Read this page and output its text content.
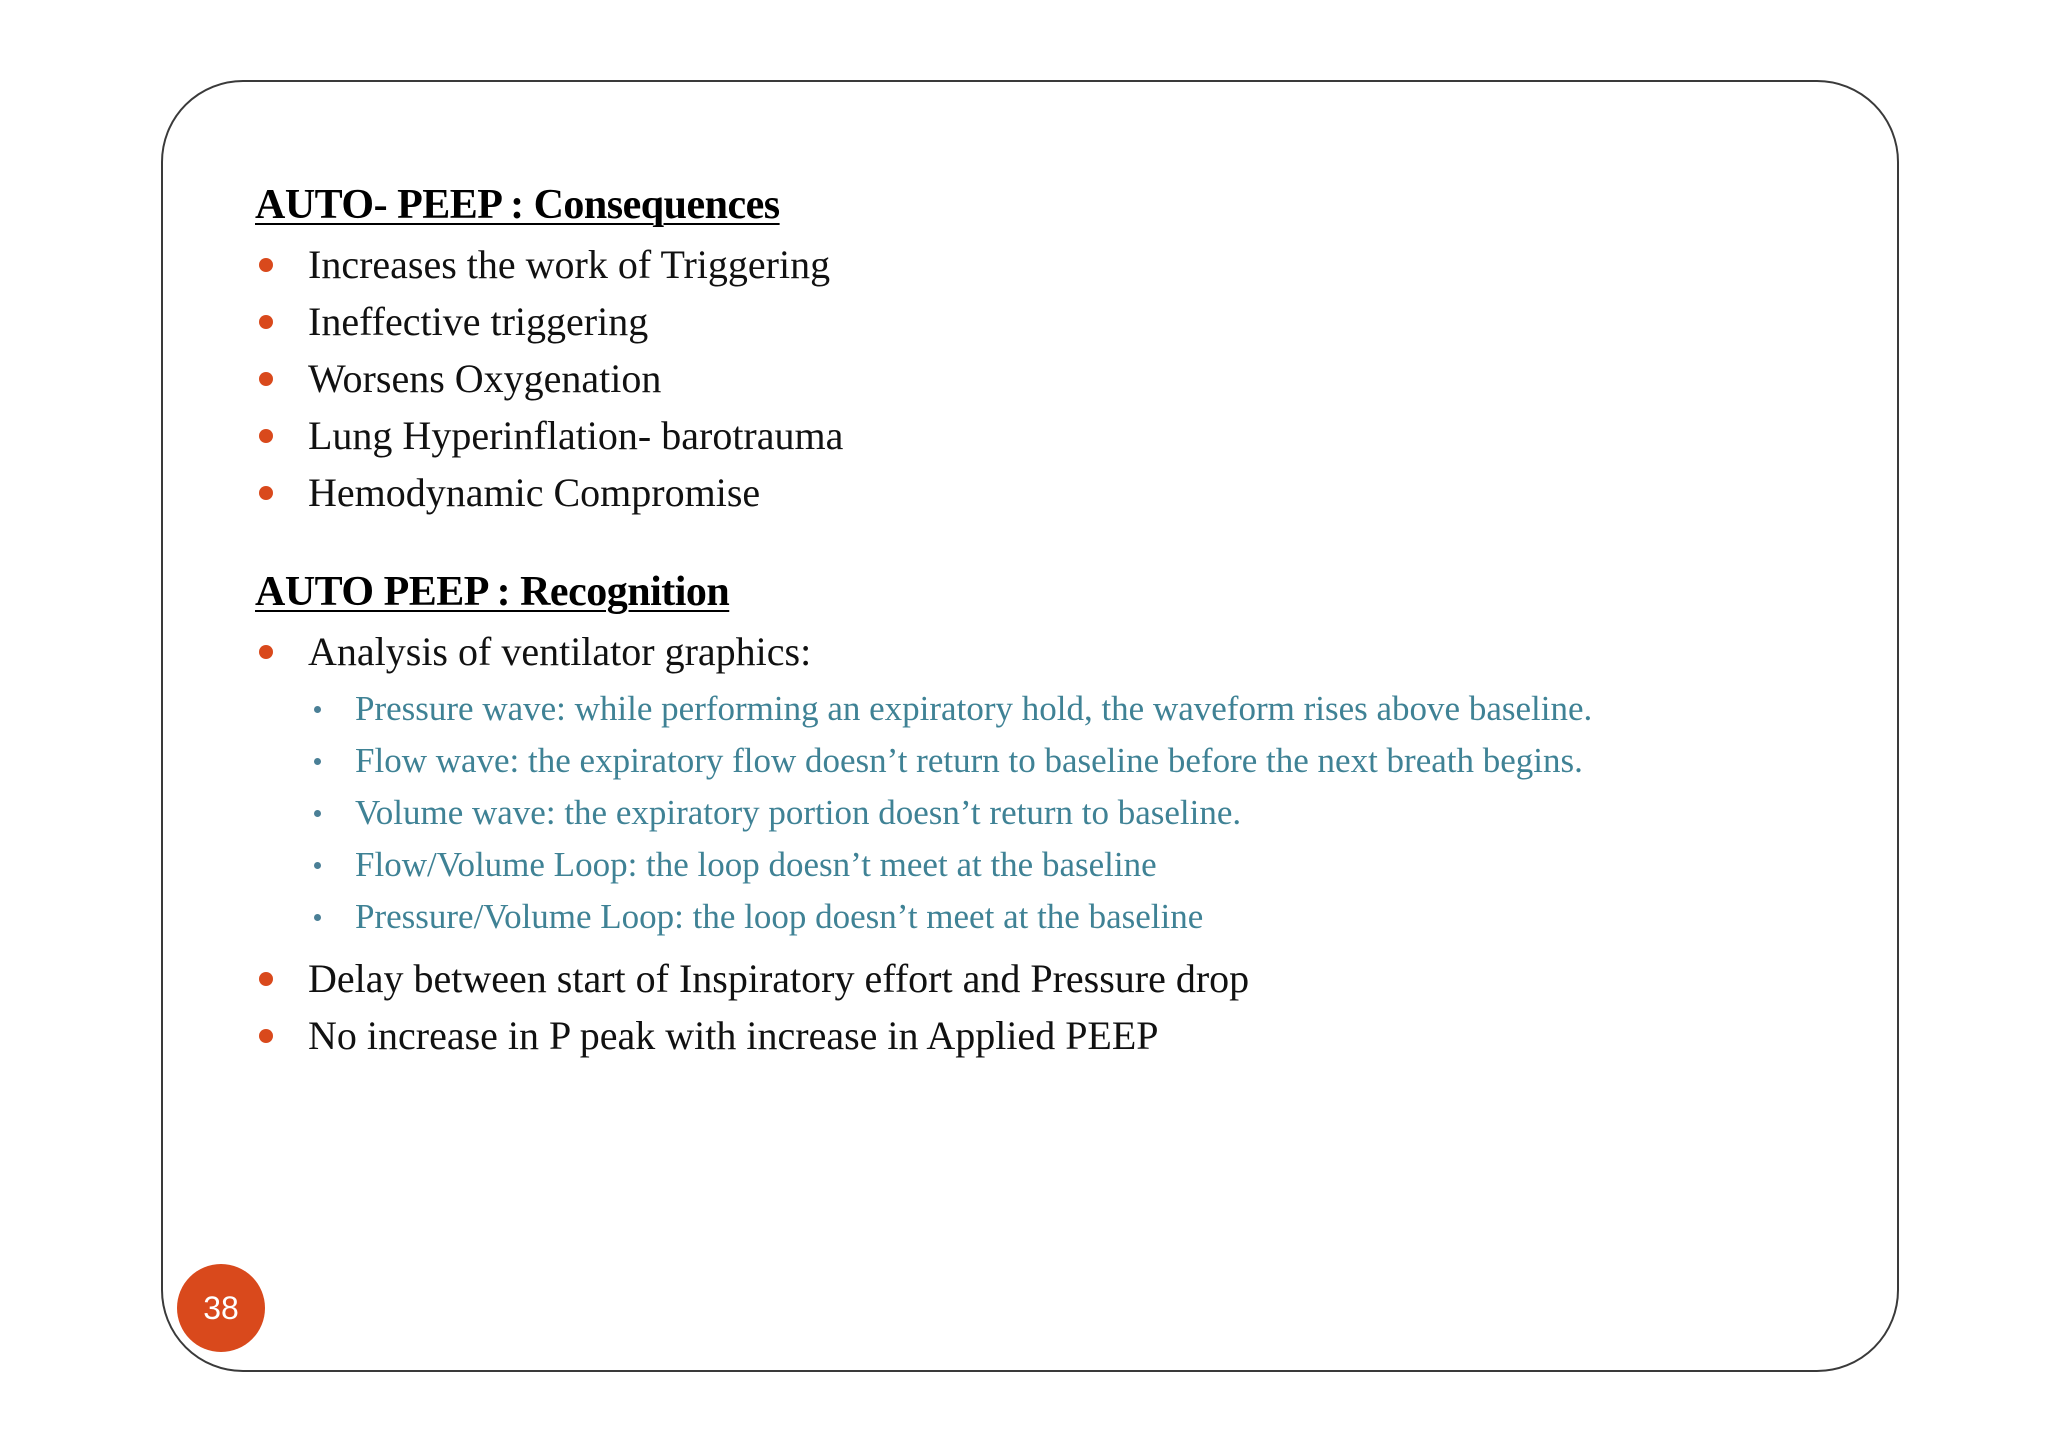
AUTO- PEEP : Consequences
Increases the work of Triggering
Ineffective triggering
Worsens Oxygenation
Lung Hyperinflation- barotrauma
Hemodynamic Compromise
AUTO PEEP : Recognition
Analysis of ventilator graphics:
Pressure wave: while performing an expiratory hold, the waveform rises above baseline.
Flow wave: the expiratory flow doesn’t return to baseline before the next breath begins.
Volume wave: the expiratory portion doesn’t return to baseline.
Flow/Volume Loop: the loop doesn’t meet at the baseline
Pressure/Volume Loop: the loop doesn’t meet at the baseline
Delay between start of Inspiratory effort and Pressure drop
No increase in P peak with increase in Applied PEEP
38
